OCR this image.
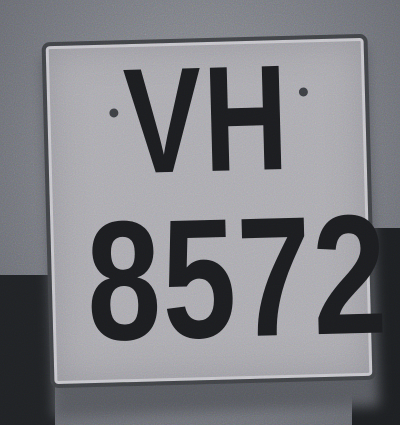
VH
8572
